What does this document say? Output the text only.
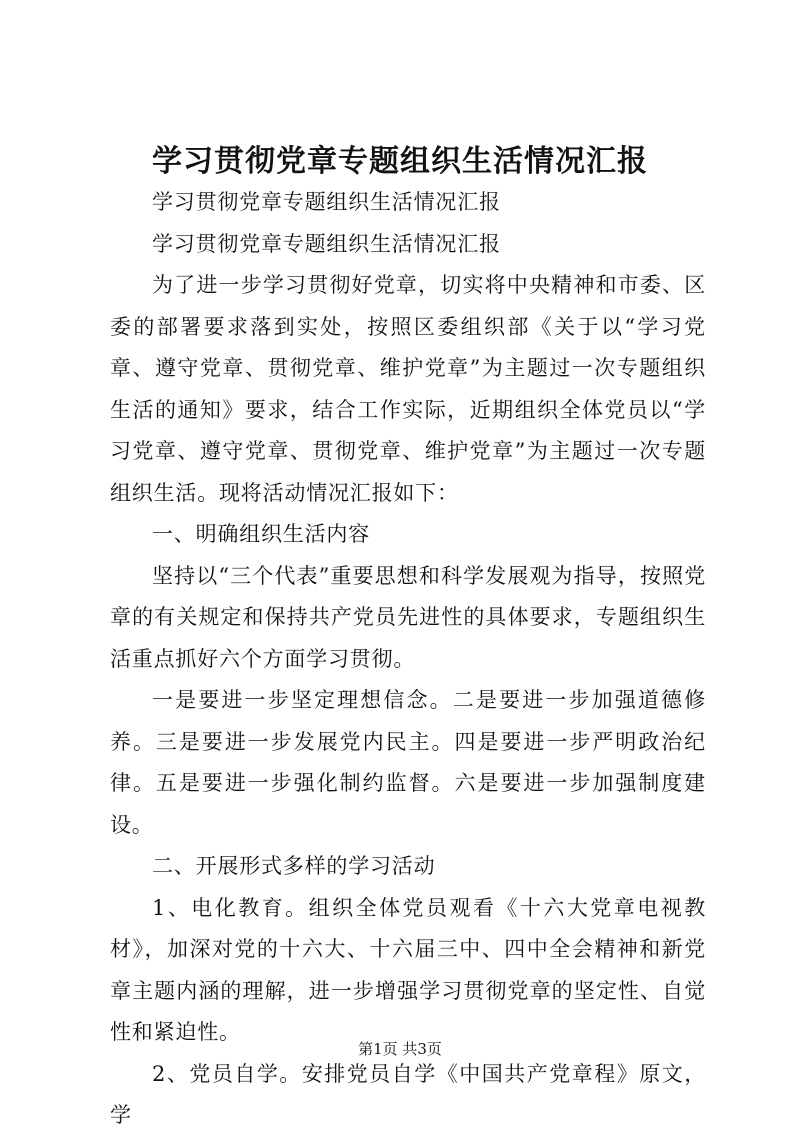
学习贯彻党章专题组织生活情况汇报

学习贯彻党章专题组织生活情况汇报

学习贯彻党章专题组织生活情况汇报

为了进一步学习贯彻好党章，切实将中央精神和市委、区委的部署要求落到实处，按照区委组织部《关于以“学习党章、遵守党章、贯彻党章、维护党章”为主题过一次专题组织生活的通知》要求，结合工作实际，近期组织全体党员以“学习党章、遵守党章、贯彻党章、维护党章”为主题过一次专题组织生活。现将活动情况汇报如下：

一、明确组织生活内容

坚持以“三个代表”重要思想和科学发展观为指导，按照党章的有关规定和保持共产党员先进性的具体要求，专题组织生活重点抓好六个方面学习贯彻。

一是要进一步坚定理想信念。二是要进一步加强道德修养。三是要进一步发展党内民主。四是要进一步严明政治纪律。五是要进一步强化制约监督。六是要进一步加强制度建设。

二、开展形式多样的学习活动

1、电化教育。组织全体党员观看《十六大党章电视教材》，加深对党的十六大、十六届三中、四中全会精神和新党章主题内涵的理解，进一步增强学习贯彻党章的坚定性、自觉性和紧迫性。

2、党员自学。安排党员自学《中国共产党章程》原文，学

第1页 共3页
